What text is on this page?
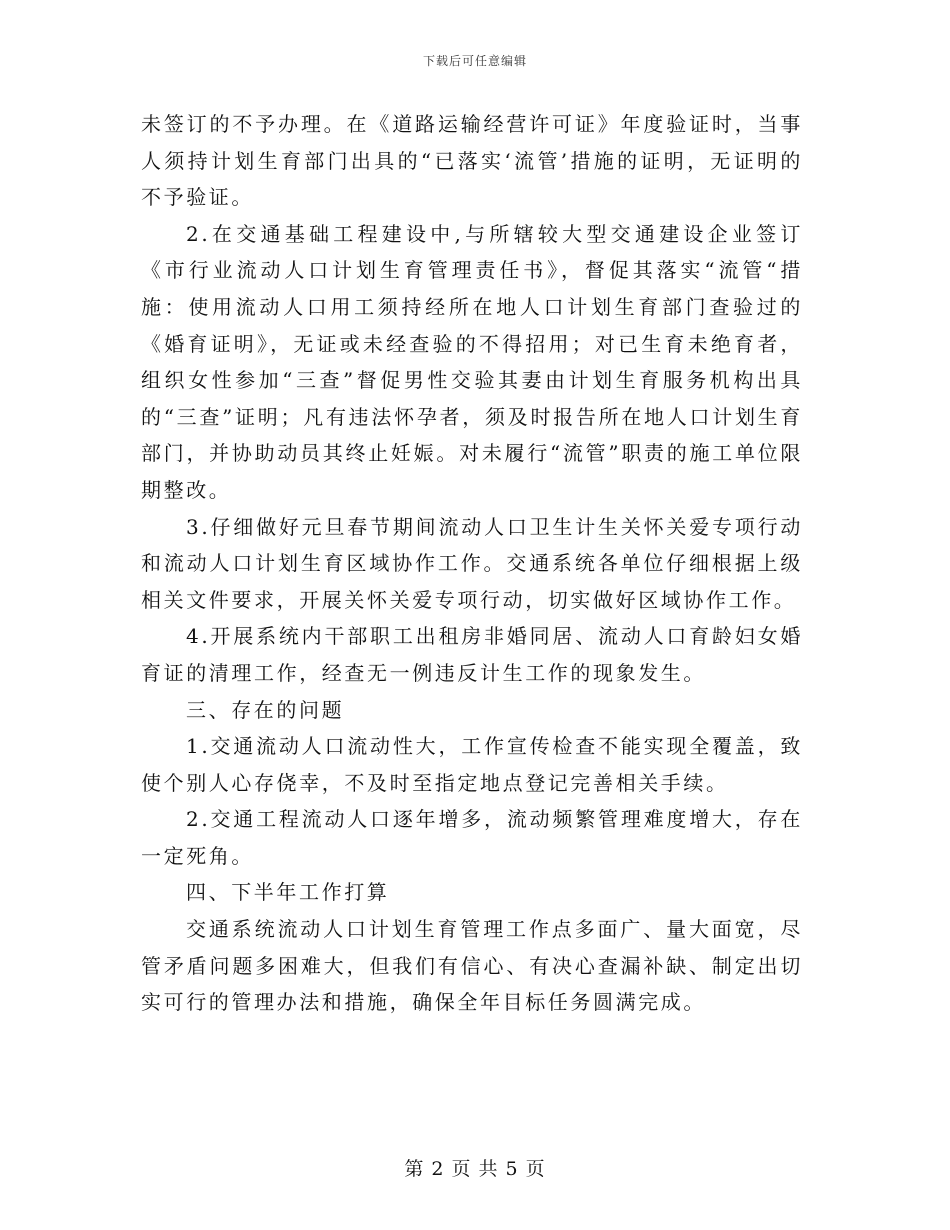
下载后可任意编辑

未签订的不予办理。在《道路运输经营许可证》年度验证时，当事人须持计划生育部门出具的“已落实‘流管’措施的证明，无证明的不予验证。

2.在交通基础工程建设中,与所辖较大型交通建设企业签订《市行业流动人口计划生育管理责任书》，督促其落实“流管“措施：使用流动人口用工须持经所在地人口计划生育部门查验过的《婚育证明》，无证或未经查验的不得招用；对已生育未绝育者，组织女性参加“三查”督促男性交验其妻由计划生育服务机构出具的“三查”证明；凡有违法怀孕者，须及时报告所在地人口计划生育部门，并协助动员其终止妊娠。对未履行“流管”职责的施工单位限期整改。

3.仔细做好元旦春节期间流动人口卫生计生关怀关爱专项行动和流动人口计划生育区域协作工作。交通系统各单位仔细根据上级相关文件要求，开展关怀关爱专项行动，切实做好区域协作工作。

4.开展系统内干部职工出租房非婚同居、流动人口育龄妇女婚育证的清理工作，经查无一例违反计生工作的现象发生。

三、存在的问题

1.交通流动人口流动性大，工作宣传检查不能实现全覆盖，致使个别人心存侥幸，不及时至指定地点登记完善相关手续。

2.交通工程流动人口逐年增多，流动频繁管理难度增大，存在一定死角。

四、下半年工作打算

交通系统流动人口计划生育管理工作点多面广、量大面宽，尽管矛盾问题多困难大，但我们有信心、有决心查漏补缺、制定出切实可行的管理办法和措施，确保全年目标任务圆满完成。

第 2 页 共 5 页
